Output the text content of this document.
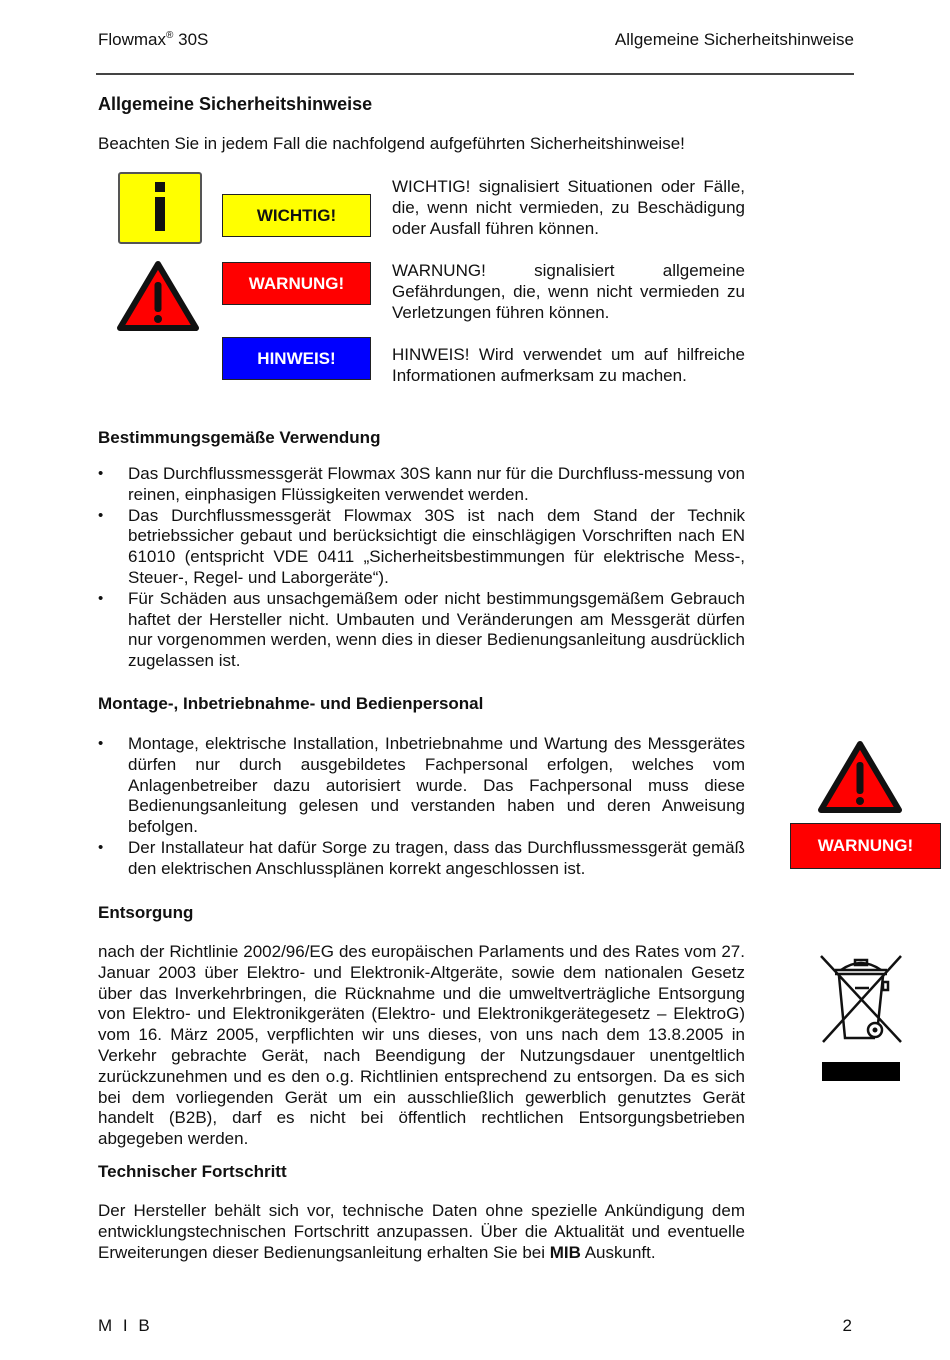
Flowmax® 30S	Allgemeine Sicherheitshinweise
Allgemeine Sicherheitshinweise
Beachten Sie in jedem Fall die nachfolgend aufgeführten Sicherheitshinweise!
WICHTIG!
WARNUNG!
HINWEIS!
WICHTIG! signalisiert Situationen oder Fälle, die, wenn nicht vermieden, zu Beschädigung oder Ausfall führen können.
WARNUNG! signalisiert allgemeine Gefährdungen, die, wenn nicht vermieden zu Verletzungen führen können.
HINWEIS! Wird verwendet um auf hilfreiche Informationen aufmerksam zu machen.
Bestimmungsgemäße Verwendung
• Das Durchflussmessgerät Flowmax 30S kann nur für die Durchfluss-messung von reinen, einphasigen Flüssigkeiten verwendet werden.
• Das Durchflussmessgerät Flowmax 30S ist nach dem Stand der Technik betriebssicher gebaut und berücksichtigt die einschlägigen Vorschriften nach EN 61010 (entspricht VDE 0411 „Sicherheitsbestimmungen für elektrische Mess-, Steuer-, Regel- und Laborgeräte“).
• Für Schäden aus unsachgemäßem oder nicht bestimmungsgemäßem Gebrauch haftet der Hersteller nicht. Umbauten und Veränderungen am Messgerät dürfen nur vorgenommen werden, wenn dies in dieser Bedienungsanleitung ausdrücklich zugelassen ist.
Montage-, Inbetriebnahme- und Bedienpersonal
• Montage, elektrische Installation, Inbetriebnahme und Wartung des Messgerätes dürfen nur durch ausgebildetes Fachpersonal erfolgen, welches vom Anlagenbetreiber dazu autorisiert wurde. Das Fachpersonal muss diese Bedienungsanleitung gelesen und verstanden haben und deren Anweisung befolgen.
• Der Installateur hat dafür Sorge zu tragen, dass das Durchflussmessgerät gemäß den elektrischen Anschlussplänen korrekt angeschlossen ist.
WARNUNG!
Entsorgung
nach der Richtlinie 2002/96/EG des europäischen Parlaments und des Rates vom 27. Januar 2003 über Elektro- und Elektronik-Altgeräte, sowie dem nationalen Gesetz über das Inverkehrbringen, die Rücknahme und die umweltverträgliche Entsorgung von Elektro- und Elektronikgeräten (Elektro- und Elektronikgerätegesetz – ElektroG) vom 16. März 2005, verpflichten wir uns dieses, von uns nach dem 13.8.2005 in Verkehr gebrachte Gerät, nach Beendigung der Nutzungsdauer unentgeltlich zurückzunehmen und es den o.g. Richtlinien entsprechend zu entsorgen. Da es sich bei dem vorliegenden Gerät um ein ausschließlich gewerblich genutztes Gerät handelt (B2B), darf es nicht bei öffentlich rechtlichen Entsorgungsbetrieben abgegeben werden.
Technischer Fortschritt
Der Hersteller behält sich vor, technische Daten ohne spezielle Ankündigung dem entwicklungstechnischen Fortschritt anzupassen. Über die Aktualität und eventuelle Erweiterungen dieser Bedienungsanleitung erhalten Sie bei MIB Auskunft.
M I B	2
